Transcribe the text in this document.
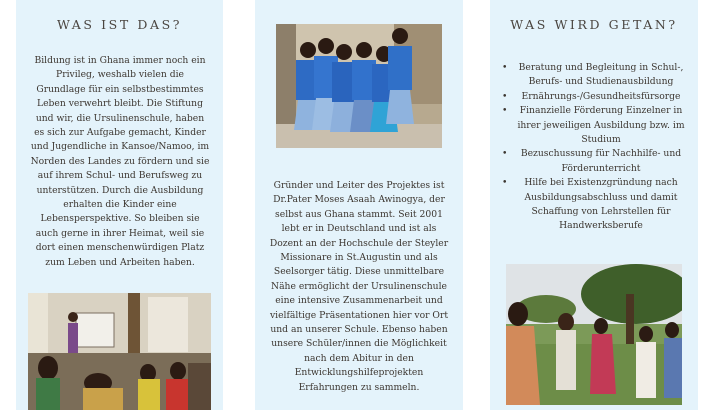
WAS IST DAS?

Bildung ist in Ghana immer noch ein Privileg, weshalb vielen die Grundlage für ein selbstbestimmtes Leben verwehrt bleibt. Die Stiftung und wir, die Ursulinenschule, haben es sich zur Aufgabe gemacht, Kinder und Jugendliche in Kansoe/Namoo, im Norden des Landes zu fördern und sie auf ihrem Schul- und Berufsweg zu unterstützen. Durch die Ausbildung erhalten die Kinder eine Lebensperspektive. So bleiben sie auch gerne in ihrer Heimat, weil sie dort einen menschenwürdigen Platz zum Leben und Arbeiten haben.

Gründer und Leiter des Projektes ist Dr.Pater Moses Asaah Awinogya, der selbst aus Ghana stammt. Seit 2001 lebt er in Deutschland und ist als Dozent an der Hochschule der Steyler Missionare in St.Augustin und als Seelsorger tätig. Diese unmittelbare Nähe ermöglicht der Ursulinenschule eine intensive Zusammenarbeit und vielfältige Präsentationen hier vor Ort und an unserer Schule. Ebenso haben unsere Schüler/innen die Möglichkeit nach dem Abitur in den Entwicklungshilfeprojekten Erfahrungen zu sammeln.

WAS WIRD GETAN?
• Beratung und Begleitung in Schul-, Berufs- und Studienausbildung
• Ernährungs-/Gesundheitsfürsorge
• Finanzielle Förderung Einzelner in ihrer jeweiligen Ausbildung bzw. im Studium
• Bezuschussung für Nachhilfe- und Förderunterricht
• Hilfe bei Existenzgründung nach Ausbildungsabschluss und damit Schaffung von Lehrstellen für Handwerksberufe
